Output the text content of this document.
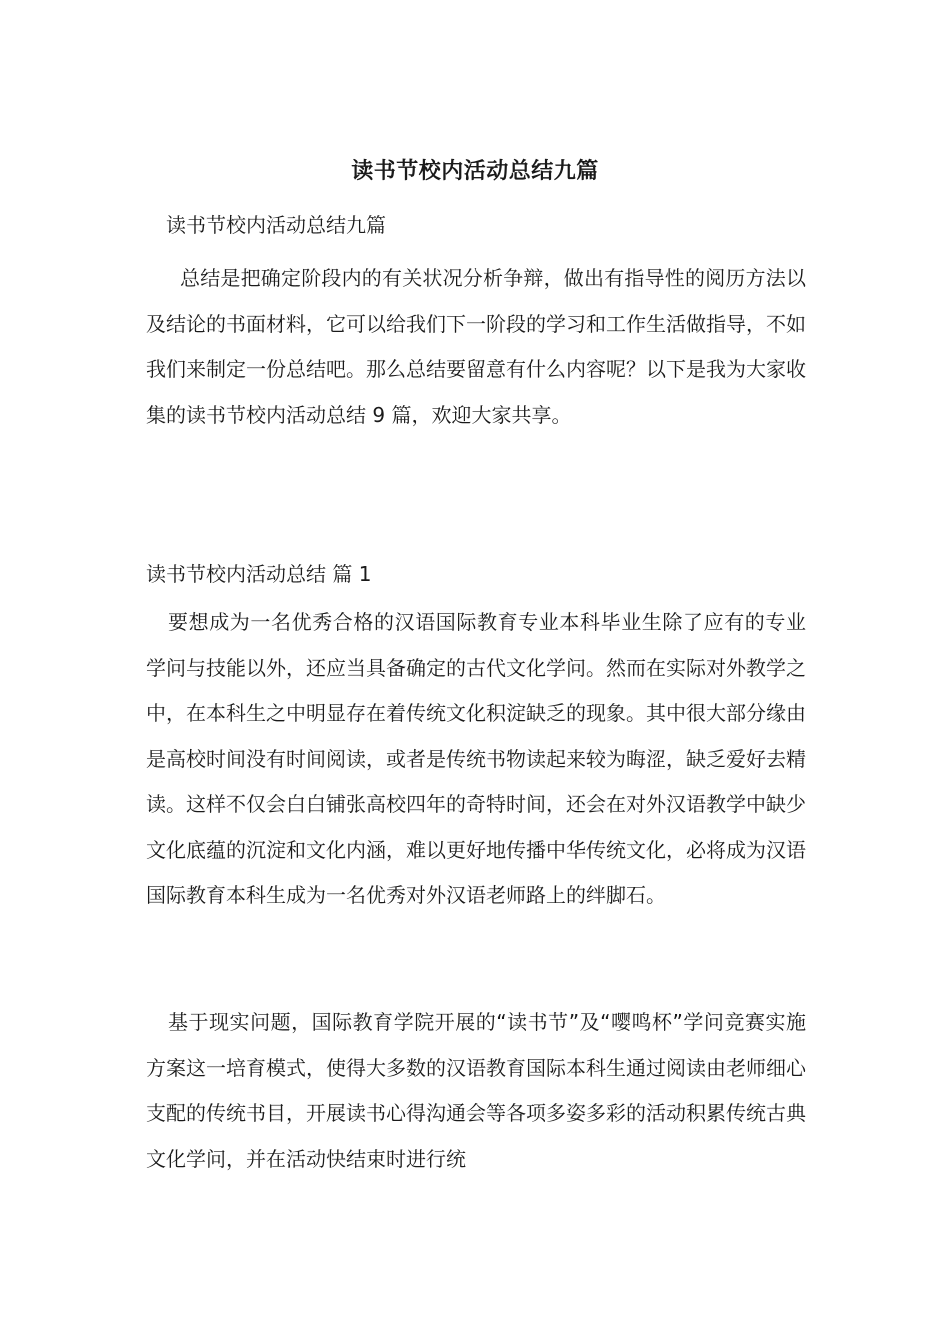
读书节校内活动总结九篇
读书节校内活动总结九篇
总结是把确定阶段内的有关状况分析争辩，做出有指导性的阅历方法以及结论的书面材料，它可以给我们下一阶段的学习和工作生活做指导，不如我们来制定一份总结吧。那么总结要留意有什么内容呢？以下是我为大家收集的读书节校内活动总结 9 篇，欢迎大家共享。
读书节校内活动总结 篇 1
要想成为一名优秀合格的汉语国际教育专业本科毕业生除了应有的专业学问与技能以外，还应当具备确定的古代文化学问。然而在实际对外教学之中，在本科生之中明显存在着传统文化积淀缺乏的现象。其中很大部分缘由是高校时间没有时间阅读，或者是传统书物读起来较为晦涩，缺乏爱好去精读。这样不仅会白白铺张高校四年的奇特时间，还会在对外汉语教学中缺少文化底蕴的沉淀和文化内涵，难以更好地传播中华传统文化，必将成为汉语国际教育本科生成为一名优秀对外汉语老师路上的绊脚石。
基于现实问题，国际教育学院开展的“读书节”及“嘤鸣杯”学问竞赛实施方案这一培育模式，使得大多数的汉语教育国际本科生通过阅读由老师细心支配的传统书目，开展读书心得沟通会等各项多姿多彩的活动积累传统古典文化学问，并在活动快结束时进行统
